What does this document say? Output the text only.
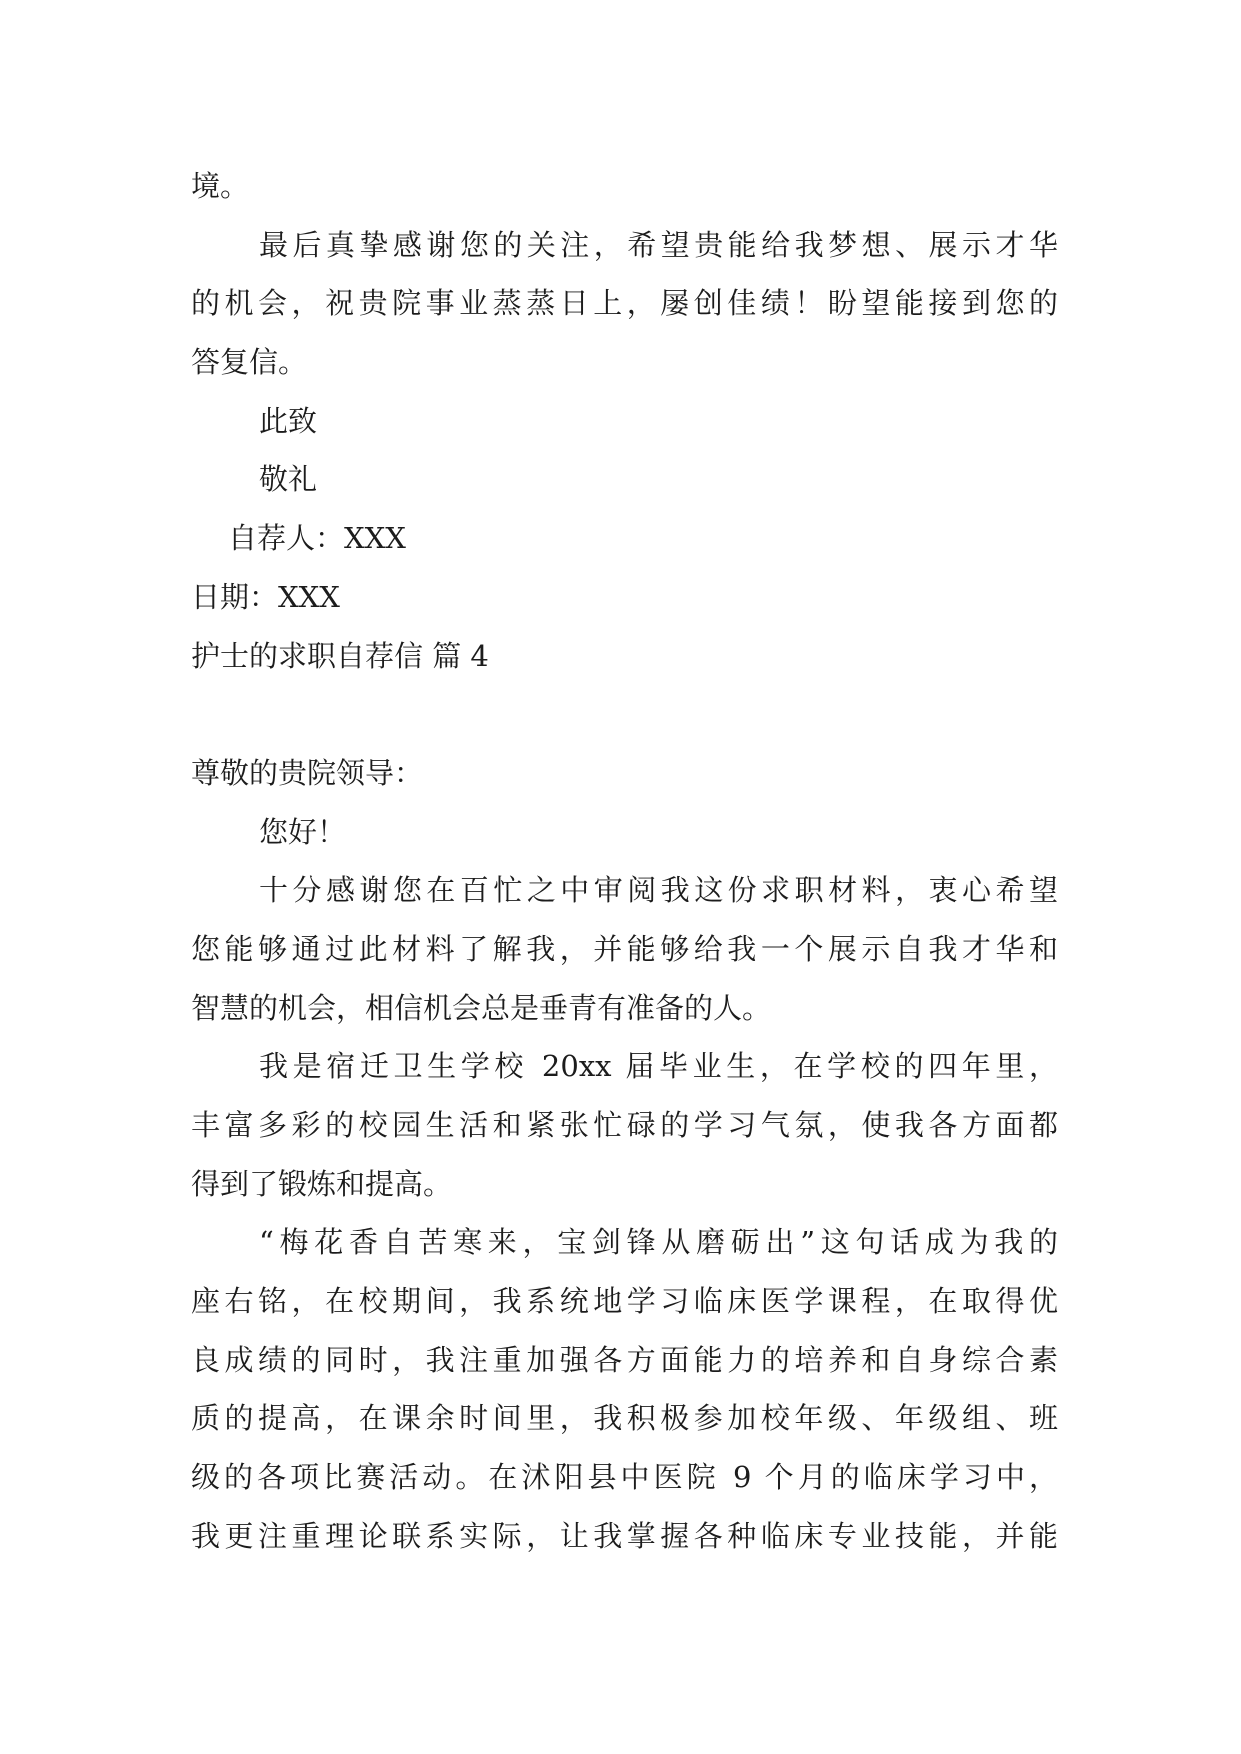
境。
最后真挚感谢您的关注，希望贵能给我梦想、展示才华
的机会，祝贵院事业蒸蒸日上，屡创佳绩！盼望能接到您的
答复信。
此致
敬礼
自荐人：XXX
日期：XXX
护士的求职自荐信 篇 4
尊敬的贵院领导：
您好！
十分感谢您在百忙之中审阅我这份求职材料，衷心希望
您能够通过此材料了解我，并能够给我一个展示自我才华和
智慧的机会，相信机会总是垂青有准备的人。
我是宿迁卫生学校 20xx 届毕业生，在学校的四年里，
丰富多彩的校园生活和紧张忙碌的学习气氛，使我各方面都
得到了锻炼和提高。
“梅花香自苦寒来，宝剑锋从磨砺出”这句话成为我的
座右铭，在校期间，我系统地学习临床医学课程，在取得优
良成绩的同时，我注重加强各方面能力的培养和自身综合素
质的提高，在课余时间里，我积极参加校年级、年级组、班
级的各项比赛活动。在沭阳县中医院 9 个月的临床学习中，
我更注重理论联系实际，让我掌握各种临床专业技能，并能
